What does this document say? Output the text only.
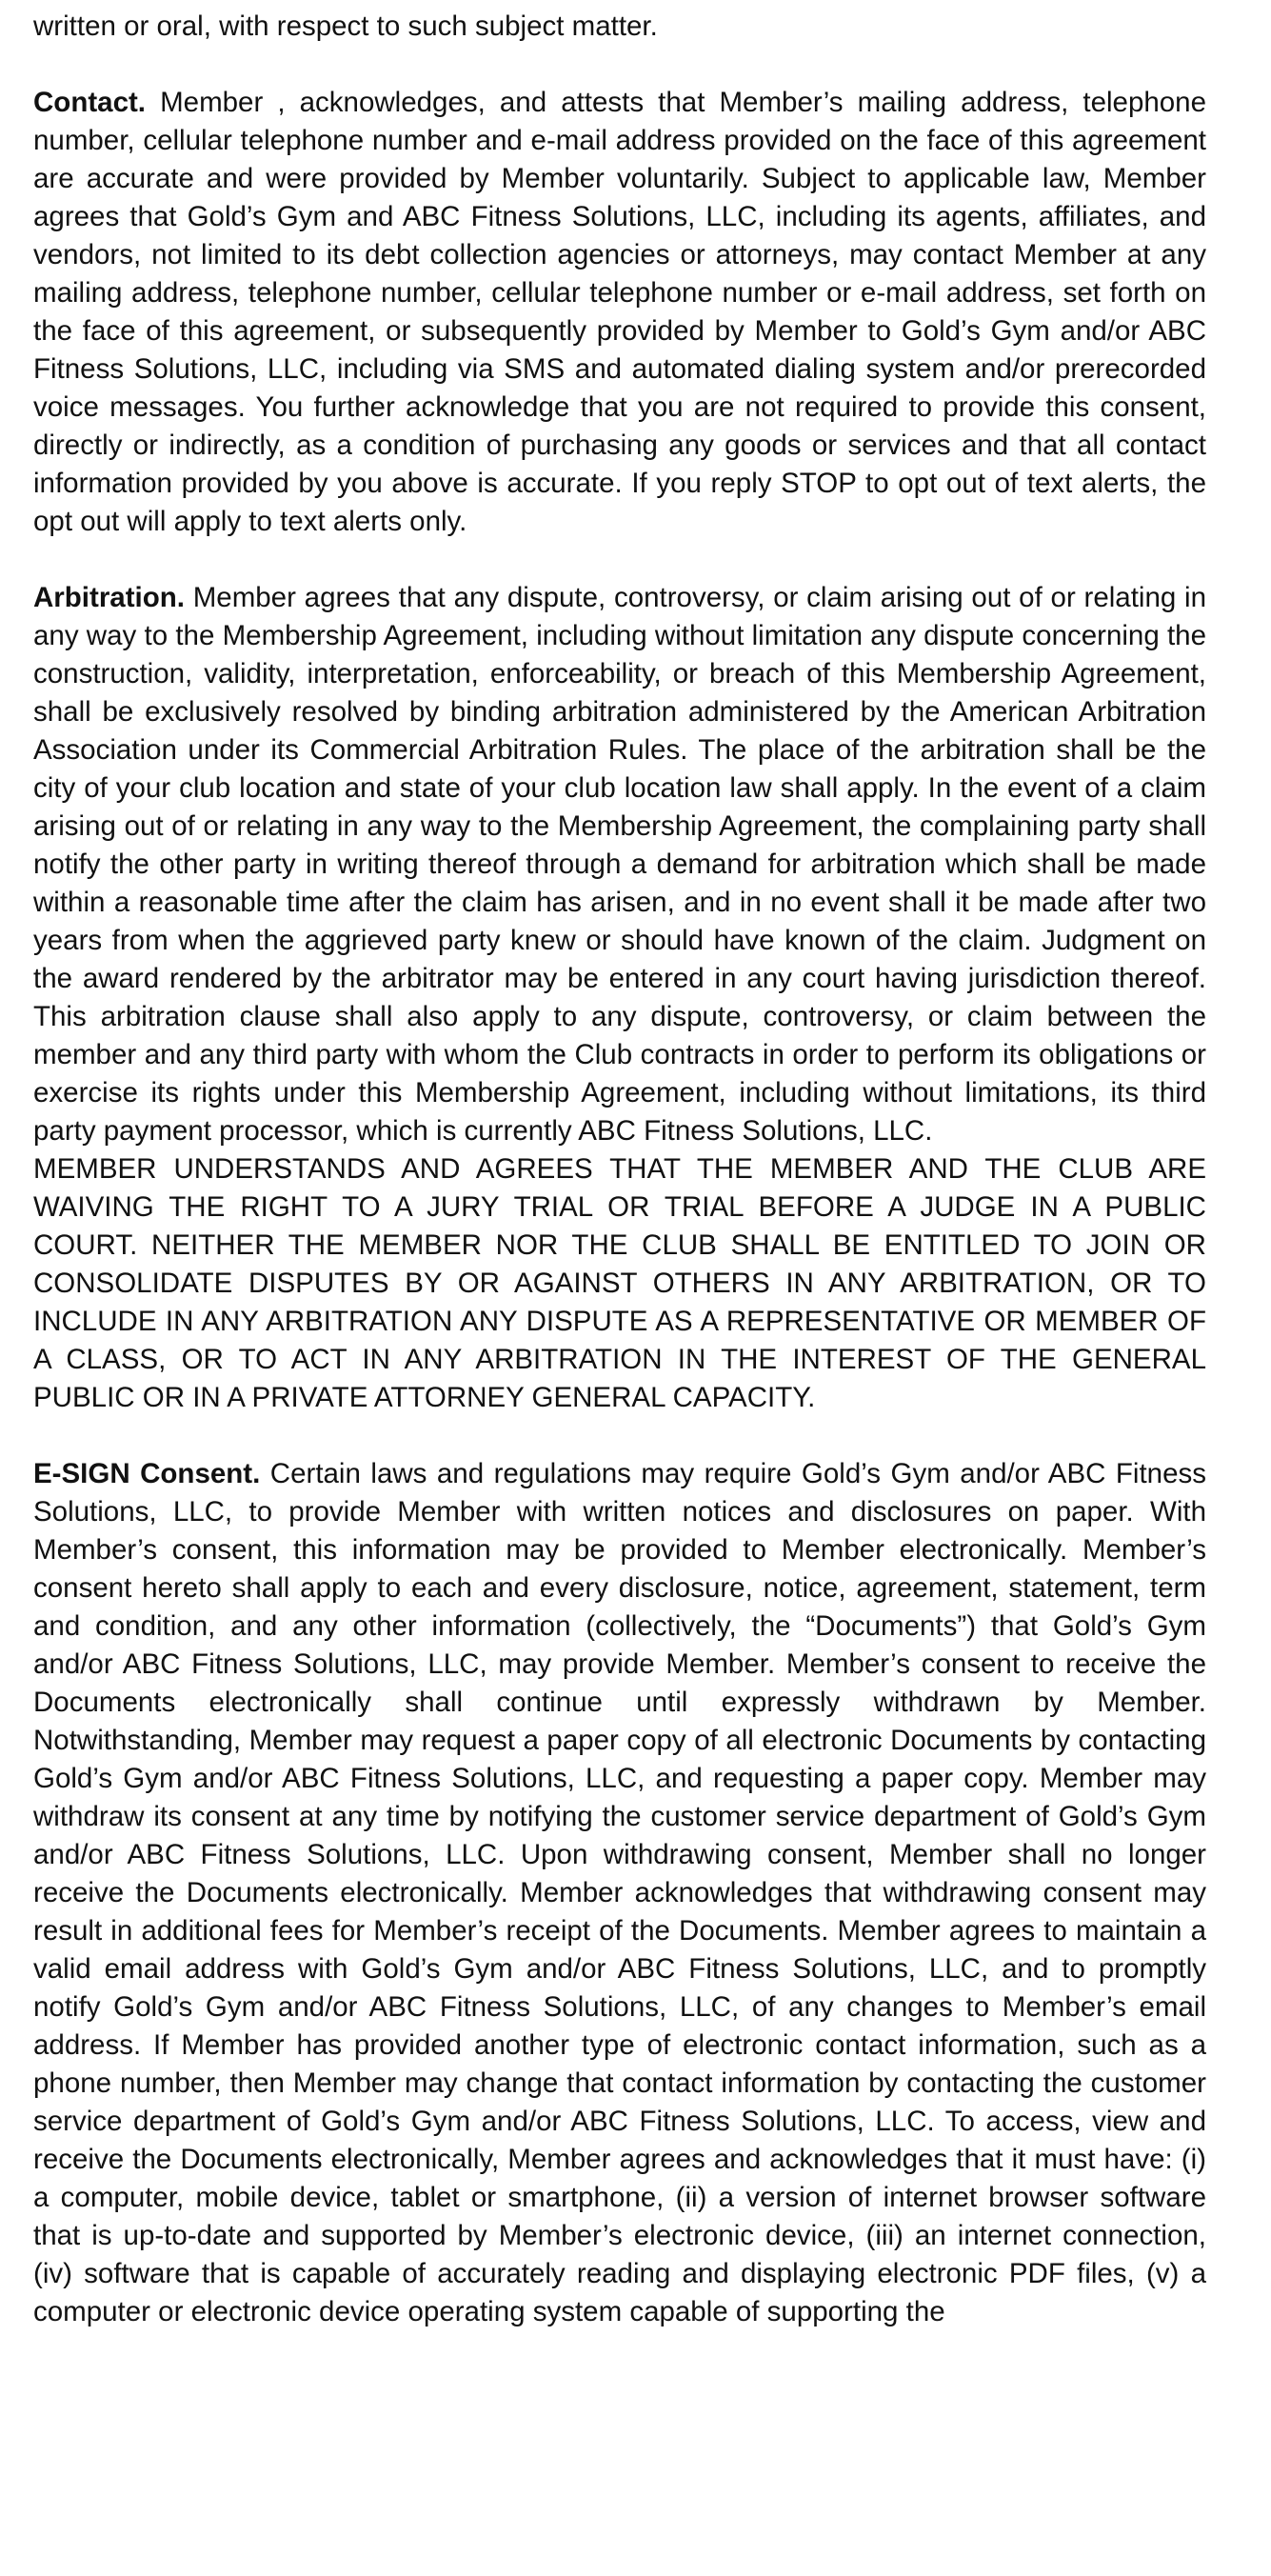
written or oral, with respect to such subject matter.

Contact. Member , acknowledges, and attests that Member’s mailing address, telephone number, cellular telephone number and e-mail address provided on the face of this agreement are accurate and were provided by Member voluntarily. Subject to applicable law, Member agrees that Gold’s Gym and ABC Fitness Solutions, LLC, including its agents, affiliates, and vendors, not limited to its debt collection agencies or attorneys, may contact Member at any mailing address, telephone number, cellular telephone number or e-mail address, set forth on the face of this agreement, or subsequently provided by Member to Gold’s Gym and/or ABC Fitness Solutions, LLC, including via SMS and automated dialing system and/or prerecorded voice messages. You further acknowledge that you are not required to provide this consent, directly or indirectly, as a condition of purchasing any goods or services and that all contact information provided by you above is accurate. If you reply STOP to opt out of text alerts, the opt out will apply to text alerts only.

Arbitration. Member agrees that any dispute, controversy, or claim arising out of or relating in any way to the Membership Agreement, including without limitation any dispute concerning the construction, validity, interpretation, enforceability, or breach of this Membership Agreement, shall be exclusively resolved by binding arbitration administered by the American Arbitration Association under its Commercial Arbitration Rules. The place of the arbitration shall be the city of your club location and state of your club location law shall apply. In the event of a claim arising out of or relating in any way to the Membership Agreement, the complaining party shall notify the other party in writing thereof through a demand for arbitration which shall be made within a reasonable time after the claim has arisen, and in no event shall it be made after two years from when the aggrieved party knew or should have known of the claim. Judgment on the award rendered by the arbitrator may be entered in any court having jurisdiction thereof. This arbitration clause shall also apply to any dispute, controversy, or claim between the member and any third party with whom the Club contracts in order to perform its obligations or exercise its rights under this Membership Agreement, including without limitations, its third party payment processor, which is currently ABC Fitness Solutions, LLC.

MEMBER UNDERSTANDS AND AGREES THAT THE MEMBER AND THE CLUB ARE WAIVING THE RIGHT TO A JURY TRIAL OR TRIAL BEFORE A JUDGE IN A PUBLIC COURT. NEITHER THE MEMBER NOR THE CLUB SHALL BE ENTITLED TO JOIN OR CONSOLIDATE DISPUTES BY OR AGAINST OTHERS IN ANY ARBITRATION, OR TO INCLUDE IN ANY ARBITRATION ANY DISPUTE AS A REPRESENTATIVE OR MEMBER OF A CLASS, OR TO ACT IN ANY ARBITRATION IN THE INTEREST OF THE GENERAL PUBLIC OR IN A PRIVATE ATTORNEY GENERAL CAPACITY.

E-SIGN Consent. Certain laws and regulations may require Gold’s Gym and/or ABC Fitness Solutions, LLC, to provide Member with written notices and disclosures on paper. With Member’s consent, this information may be provided to Member electronically. Member’s consent hereto shall apply to each and every disclosure, notice, agreement, statement, term and condition, and any other information (collectively, the “Documents”) that Gold’s Gym and/or ABC Fitness Solutions, LLC, may provide Member. Member’s consent to receive the Documents electronically shall continue until expressly withdrawn by Member. Notwithstanding, Member may request a paper copy of all electronic Documents by contacting Gold’s Gym and/or ABC Fitness Solutions, LLC, and requesting a paper copy. Member may withdraw its consent at any time by notifying the customer service department of Gold’s Gym and/or ABC Fitness Solutions, LLC. Upon withdrawing consent, Member shall no longer receive the Documents electronically. Member acknowledges that withdrawing consent may result in additional fees for Member’s receipt of the Documents. Member agrees to maintain a valid email address with Gold’s Gym and/or ABC Fitness Solutions, LLC, and to promptly notify Gold’s Gym and/or ABC Fitness Solutions, LLC, of any changes to Member’s email address. If Member has provided another type of electronic contact information, such as a phone number, then Member may change that contact information by contacting the customer service department of Gold’s Gym and/or ABC Fitness Solutions, LLC. To access, view and receive the Documents electronically, Member agrees and acknowledges that it must have: (i) a computer, mobile device, tablet or smartphone, (ii) a version of internet browser software that is up-to-date and supported by Member’s electronic device, (iii) an internet connection, (iv) software that is capable of accurately reading and displaying electronic PDF files, (v) a computer or electronic device operating system capable of supporting the
